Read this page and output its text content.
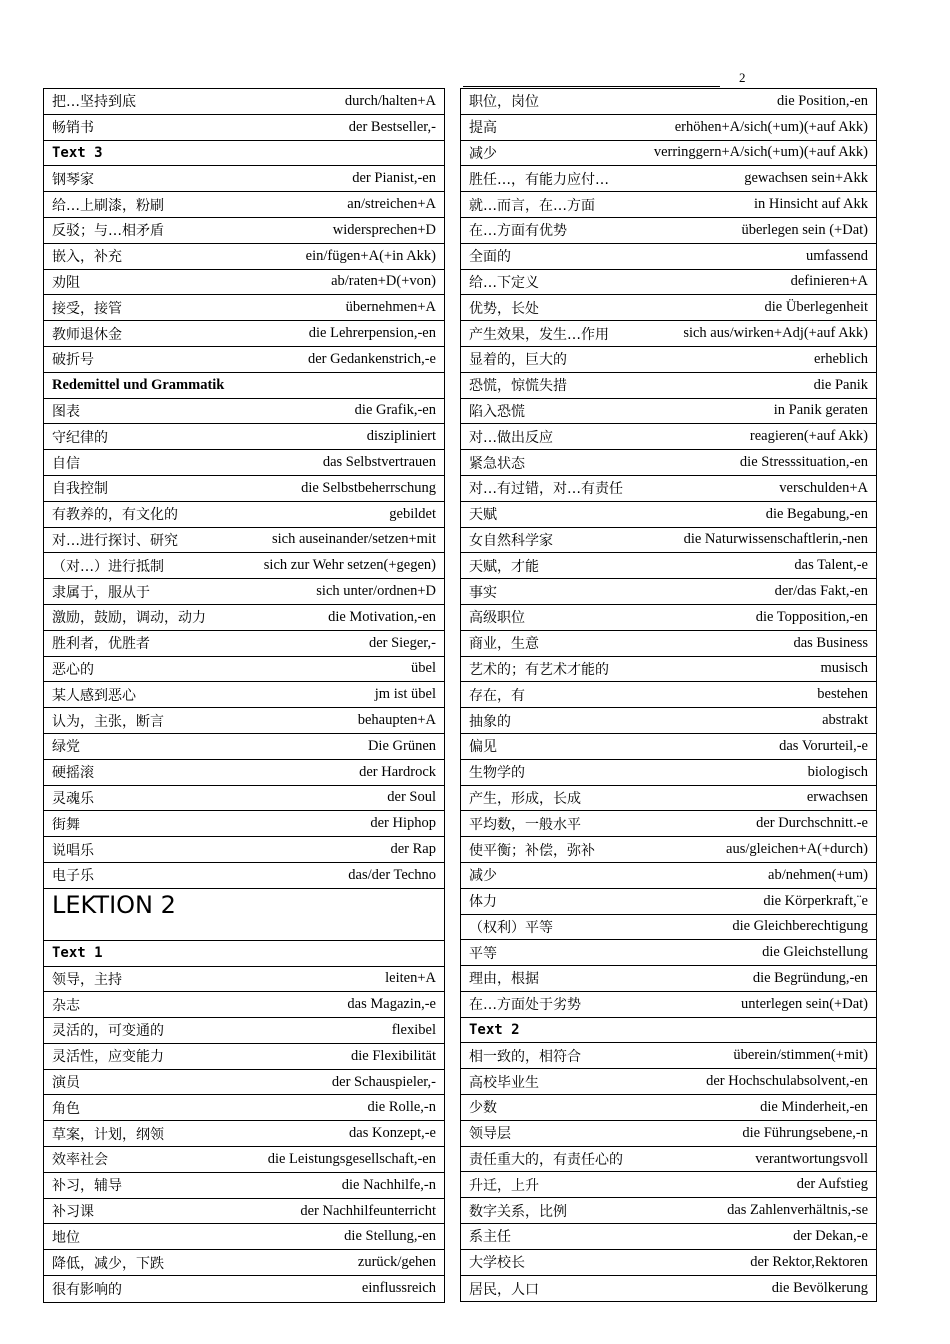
2
把…坚持到底	durch/halten+A
畅销书	der Bestseller,-
Text 3
钢琴家	der Pianist,-en
给…上刷漆，粉刷	an/streichen+A
反驳；与…相矛盾	widersprechen+D
嵌入，补充	ein/fügen+A(+in Akk)
劝阻	ab/raten+D(+von)
接受，接管	übernehmen+A
教师退休金	die Lehrerpension,-en
破折号	der Gedankenstrich,-e
Redemittel und Grammatik
图表	die Grafik,-en
守纪律的	diszipliniert
自信	das Selbstvertrauen
自我控制	die Selbstbeherrschung
有教养的，有文化的	gebildet
对…进行探讨、研究	sich auseinander/setzen+mit
（对…）进行抵制	sich zur Wehr setzen(+gegen)
隶属于，服从于	sich unter/ordnen+D
激励，鼓励，调动，动力	die Motivation,-en
胜利者，优胜者	der Sieger,-
恶心的	übel
某人感到恶心	jm ist übel
认为，主张，断言	behaupten+A
绿党	Die Grünen
硬摇滚	der Hardrock
灵魂乐	der Soul
街舞	der Hiphop
说唱乐	der Rap
电子乐	das/der Techno
LEKTION 2
Text 1
领导，主持	leiten+A
杂志	das Magazin,-e
灵活的，可变通的	flexibel
灵活性，应变能力	die Flexibilität
演员	der Schauspieler,-
角色	die Rolle,-n
草案，计划，纲领	das Konzept,-e
效率社会	die Leistungsgesellschaft,-en
补习，辅导	die Nachhilfe,-n
补习课	der Nachhilfeunterricht
地位	die Stellung,-en
降低，减少，下跌	zurück/gehen
很有影响的	einflussreich
职位，岗位	die Position,-en
提高	erhöhen+A/sich(+um)(+auf Akk)
减少	verringgern+A/sich(+um)(+auf Akk)
胜任…，有能力应付…	gewachsen sein+Akk
就…而言，在…方面	in Hinsicht auf Akk
在…方面有优势	überlegen sein (+Dat)
全面的	umfassend
给…下定义	definieren+A
优势，长处	die Überlegenheit
产生效果，发生…作用	sich aus/wirken+Adj(+auf Akk)
显着的，巨大的	erheblich
恐慌，惊慌失措	die Panik
陷入恐慌	in Panik geraten
对…做出反应	reagieren(+auf Akk)
紧急状态	die Stresssituation,-en
对…有过错，对…有责任	verschulden+A
天赋	die Begabung,-en
女自然科学家	die Naturwissenschaftlerin,-nen
天赋，才能	das Talent,-e
事实	der/das Fakt,-en
高级职位	die Topposition,-en
商业，生意	das Business
艺术的；有艺术才能的	musisch
存在，有	bestehen
抽象的	abstrakt
偏见	das Vorurteil,-e
生物学的	biologisch
产生，形成，长成	erwachsen
平均数，一般水平	der Durchschnitt.-e
使平衡；补偿，弥补	aus/gleichen+A(+durch)
减少	ab/nehmen(+um)
体力	die Körperkraft,¨e
（权利）平等	die Gleichberechtigung
平等	die Gleichstellung
理由，根据	die Begründung,-en
在…方面处于劣势	unterlegen sein(+Dat)
Text 2
相一致的，相符合	überein/stimmen(+mit)
高校毕业生	der Hochschulabsolvent,-en
少数	die Minderheit,-en
领导层	die Führungsebene,-n
责任重大的，有责任心的	verantwortungsvoll
升迁，上升	der Aufstieg
数字关系，比例	das Zahlenverhältnis,-se
系主任	der Dekan,-e
大学校长	der Rektor,Rektoren
居民，人口	die Bevölkerung
